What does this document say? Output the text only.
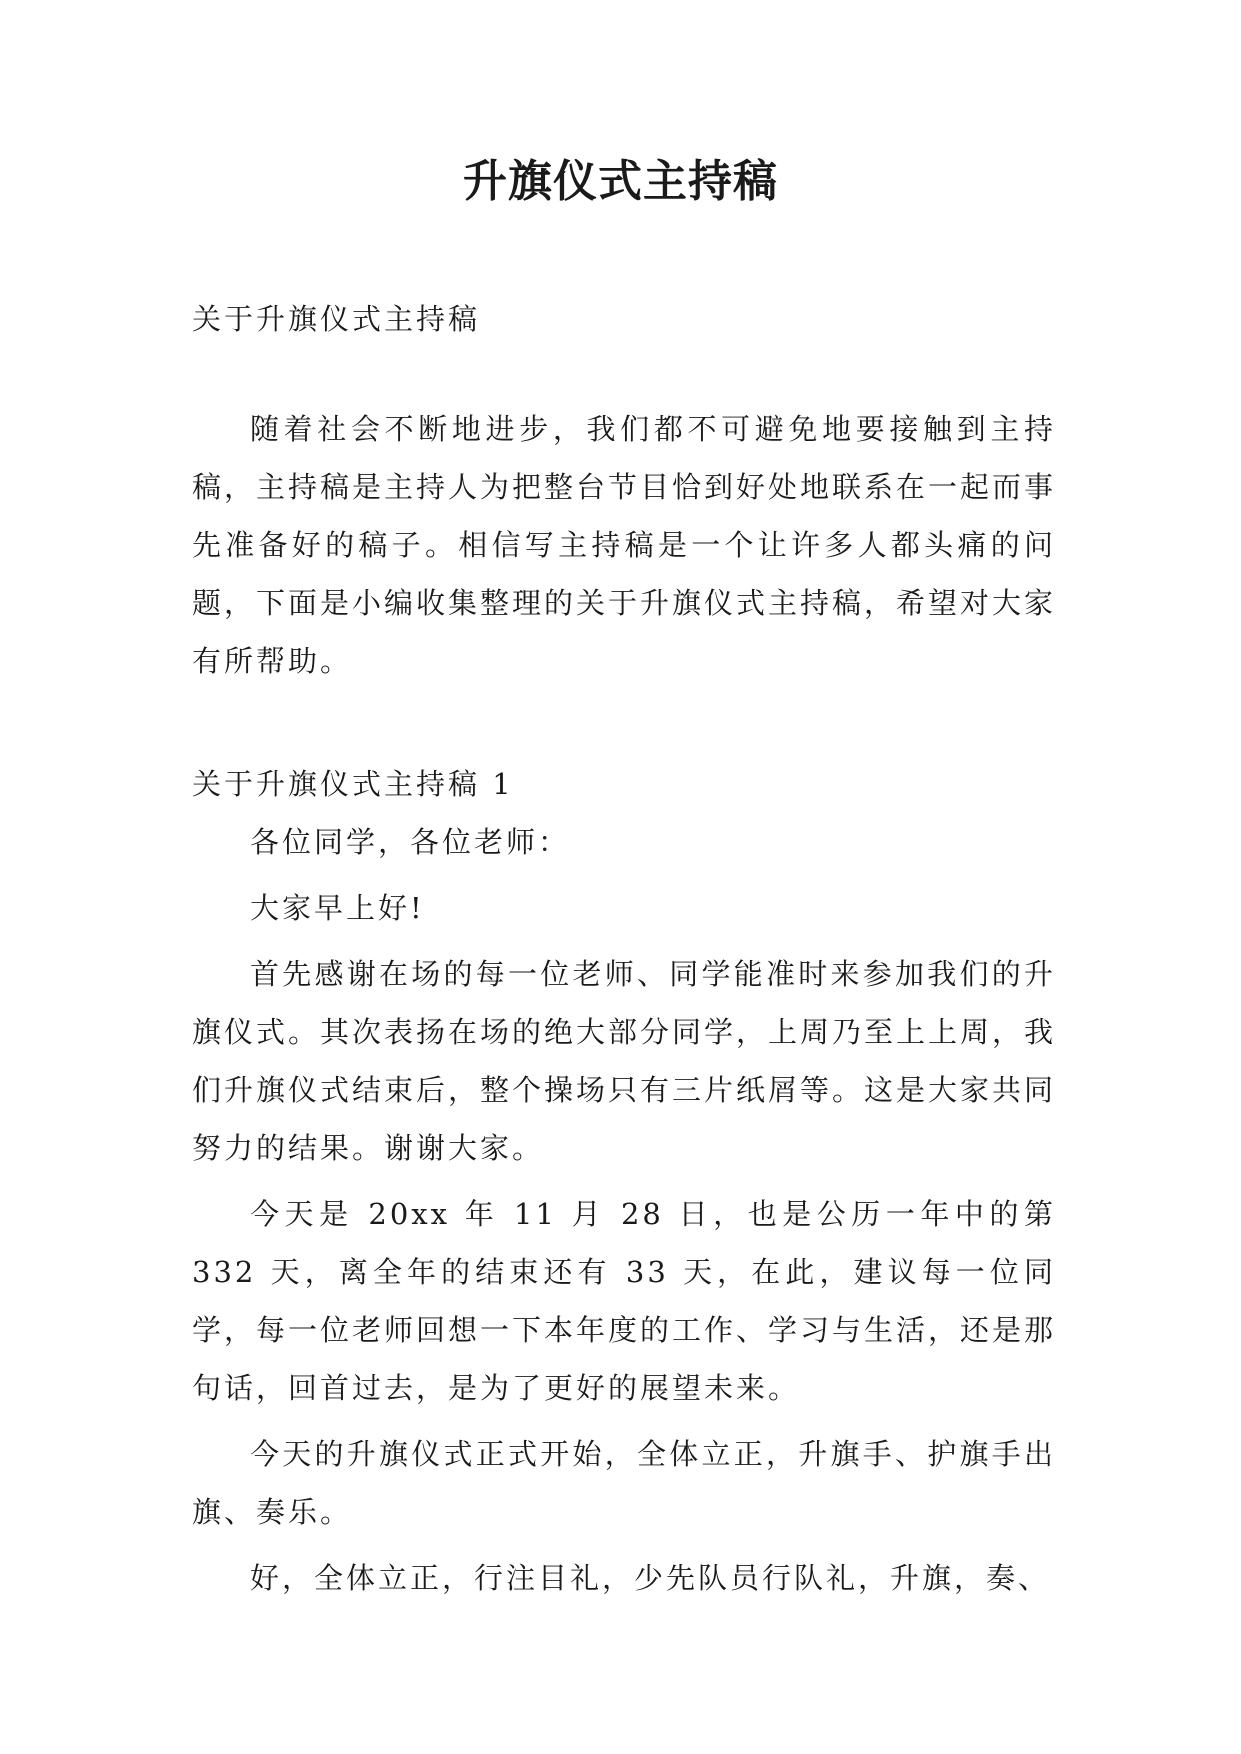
升旗仪式主持稿

关于升旗仪式主持稿

随着社会不断地进步，我们都不可避免地要接触到主持稿，主持稿是主持人为把整台节目恰到好处地联系在一起而事先准备好的稿子。相信写主持稿是一个让许多人都头痛的问题，下面是小编收集整理的关于升旗仪式主持稿，希望对大家有所帮助。

关于升旗仪式主持稿 1

各位同学，各位老师：

大家早上好!

首先感谢在场的每一位老师、同学能准时来参加我们的升旗仪式。其次表扬在场的绝大部分同学，上周乃至上上周，我们升旗仪式结束后，整个操场只有三片纸屑等。这是大家共同努力的结果。谢谢大家。

今天是 20xx 年 11 月 28 日，也是公历一年中的第 332 天，离全年的结束还有 33 天，在此，建议每一位同学，每一位老师回想一下本年度的工作、学习与生活，还是那句话，回首过去，是为了更好的展望未来。

今天的升旗仪式正式开始，全体立正，升旗手、护旗手出旗、奏乐。

好，全体立正，行注目礼，少先队员行队礼，升旗，奏、
